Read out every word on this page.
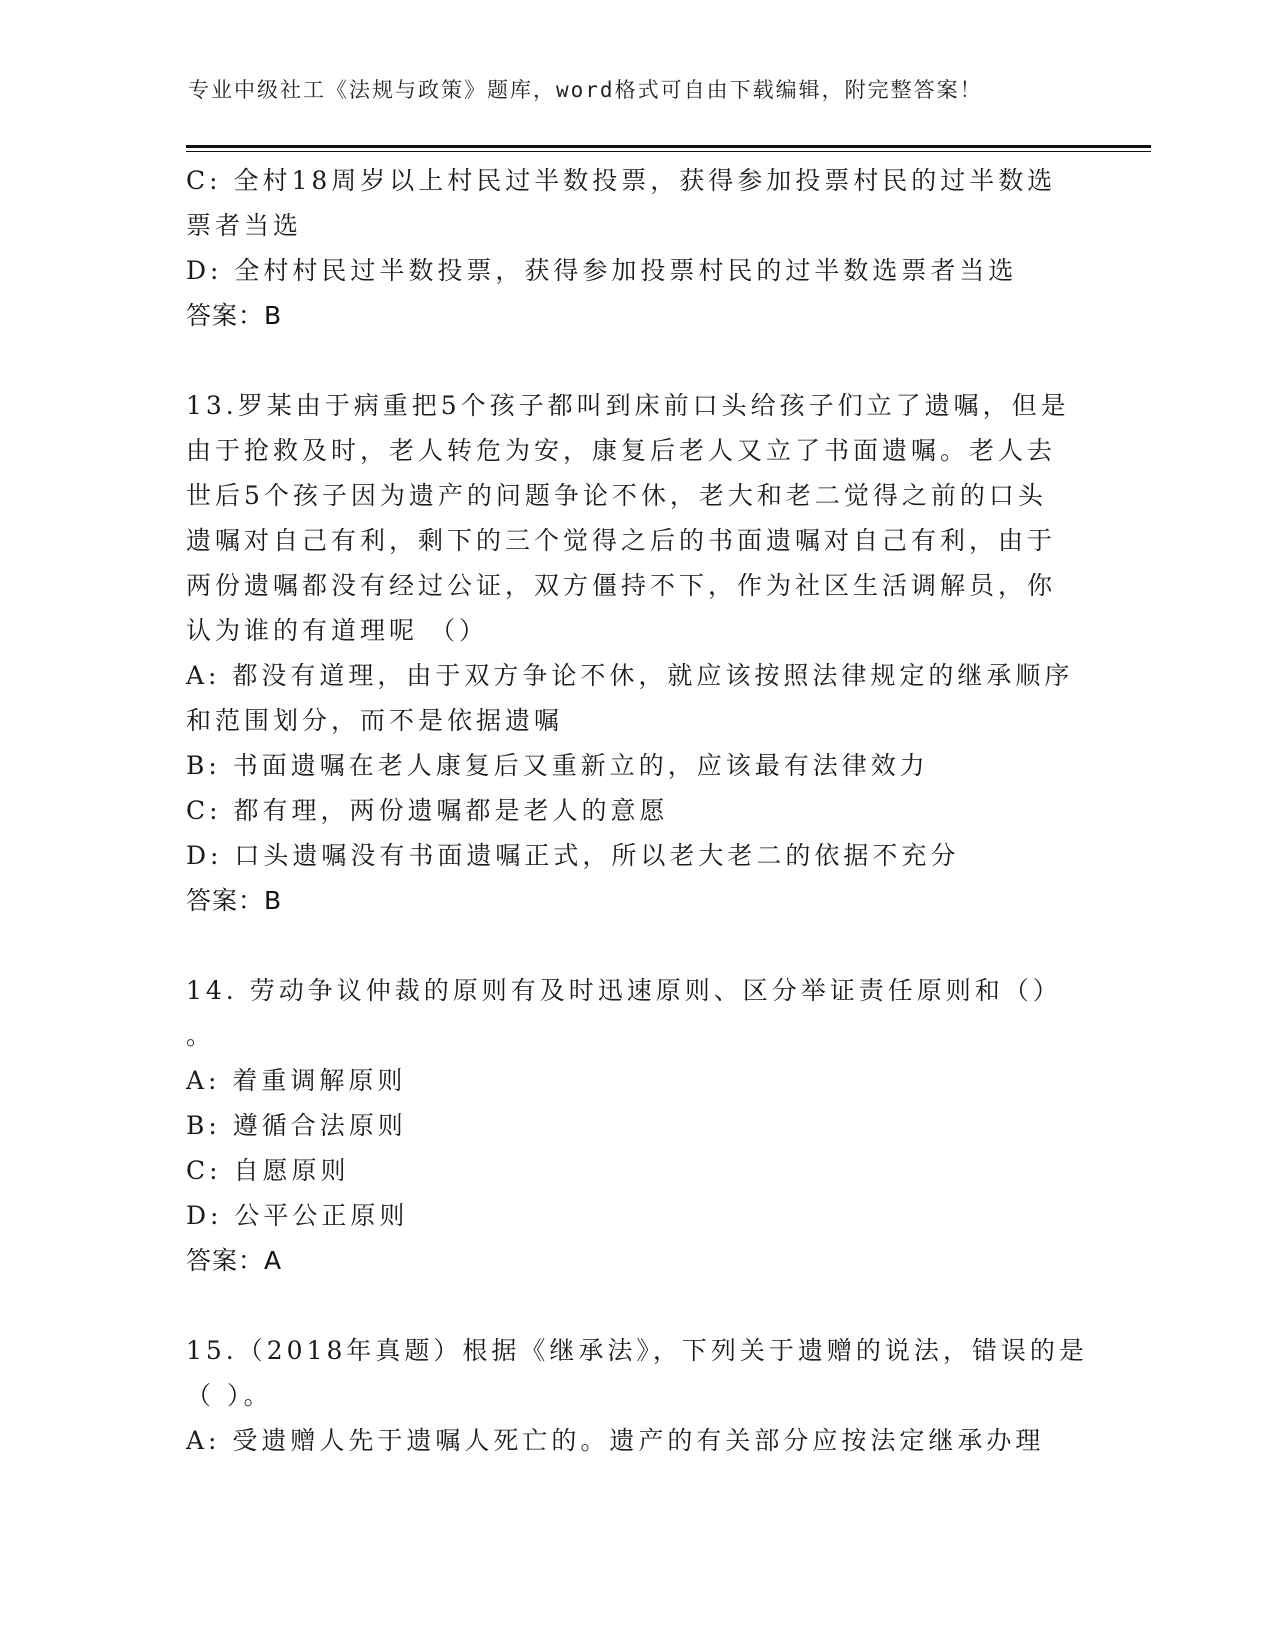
专业中级社工《法规与政策》题库，word格式可自由下载编辑，附完整答案！
C: 全村18周岁以上村民过半数投票，获得参加投票村民的过半数选
票者当选
D: 全村村民过半数投票，获得参加投票村民的过半数选票者当选
答案：B
13.罗某由于病重把5个孩子都叫到床前口头给孩子们立了遗嘱，但是
由于抢救及时，老人转危为安，康复后老人又立了书面遗嘱。老人去
世后5个孩子因为遗产的问题争论不休，老大和老二觉得之前的口头
遗嘱对自己有利，剩下的三个觉得之后的书面遗嘱对自己有利，由于
两份遗嘱都没有经过公证，双方僵持不下，作为社区生活调解员，你
认为谁的有道理呢 （）
A: 都没有道理，由于双方争论不休，就应该按照法律规定的继承顺序
和范围划分，而不是依据遗嘱
B: 书面遗嘱在老人康复后又重新立的，应该最有法律效力
C: 都有理，两份遗嘱都是老人的意愿
D: 口头遗嘱没有书面遗嘱正式，所以老大老二的依据不充分
答案：B
14. 劳动争议仲裁的原则有及时迅速原则、区分举证责任原则和（）
。
A: 着重调解原则
B: 遵循合法原则
C: 自愿原则
D: 公平公正原则
答案：A
15.（2018年真题）根据《继承法》，下列关于遗赠的说法，错误的是
（ ）。
A: 受遗赠人先于遗嘱人死亡的。遗产的有关部分应按法定继承办理
